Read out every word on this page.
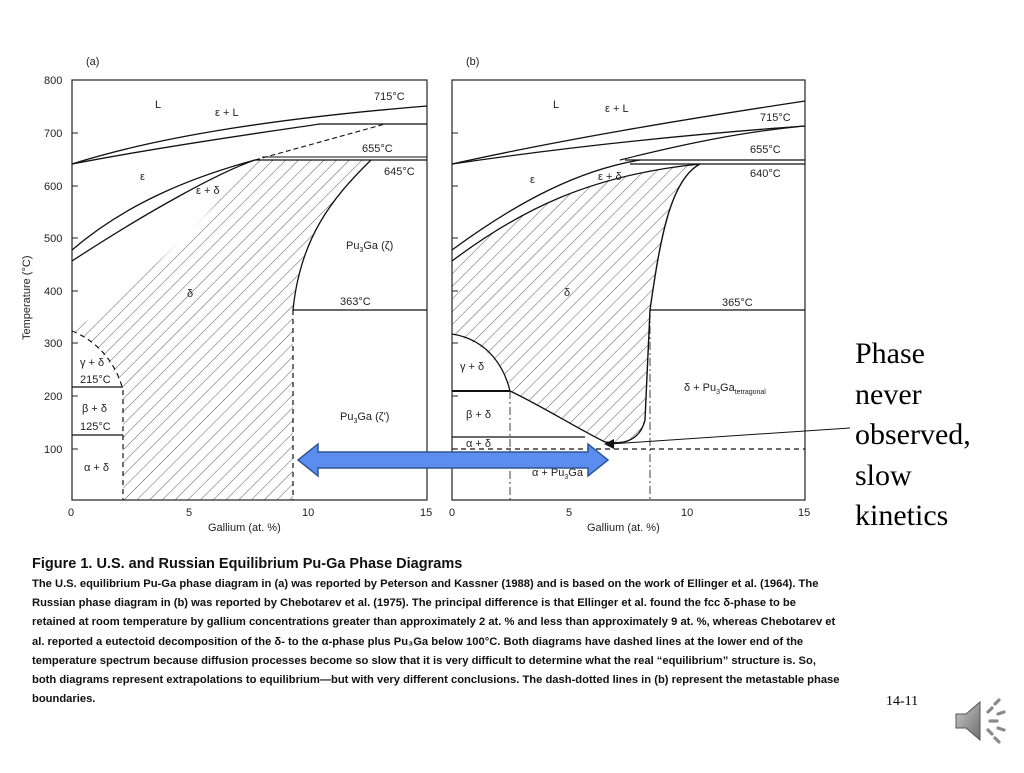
(a)	(b)
L
ε + L
715°C
655°C
645°C
ε
ε + δ
δ
$Pu_3Ga$ (ζ)
363°C
$Pu_3Ga$ (ζ')
γ + δ
215°C
β + δ
125°C
α + δ
800
700
600
500
400
300
200
100
0	5	10	15
Gallium (at. %)
Temperature (°C)
L	ε + L
715°C
655°C
640°C
ε	ε + δ
δ
365°C
γ + δ
β + δ
α + δ
$\delta + Pu_3Ga_{tetragonal}$
$\alpha + Pu_3Ga$
0	5	10	15
Gallium (at. %)
Phase
never
observed,
slow
kinetics
Figure 1. U.S. and Russian Equilibrium Pu-Ga Phase Diagrams
The U.S. equilibrium Pu-Ga phase diagram in (a) was reported by Peterson and Kassner (1988) and is based on the work of Ellinger et al. (1964). The Russian phase diagram in (b) was reported by Chebotarev et al. (1975). The principal difference is that Ellinger et al. found the fcc δ-phase to be retained at room temperature by gallium concentrations greater than approximately 2 at. % and less than approximately 9 at. %, whereas Chebotarev et al. reported a eutectoid decomposition of the δ- to the α-phase plus Pu₃Ga below 100°C. Both diagrams have dashed lines at the lower end of the temperature spectrum because diffusion processes become so slow that it is very difficult to determine what the real “equilibrium” structure is. So, both diagrams represent extrapolations to equilibrium—but with very different conclusions. The dash-dotted lines in (b) represent the metastable phase boundaries.	14-11
